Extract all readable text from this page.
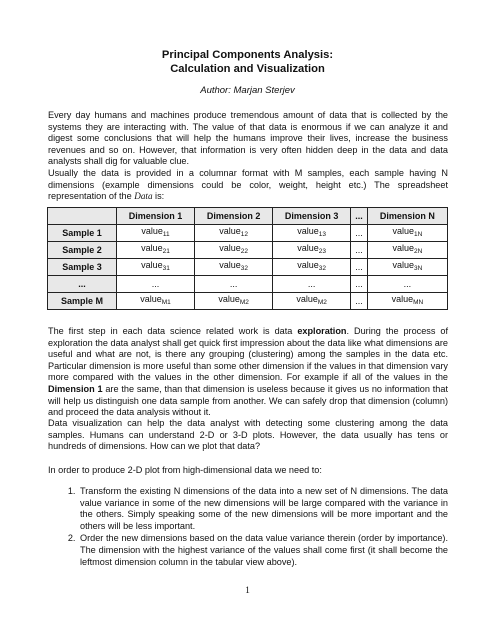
Principal Components Analysis:
Calculation and Visualization
Author: Marjan Sterjev
Every day humans and machines produce tremendous amount of data that is collected by the systems they are interacting with. The value of that data is enormous if we can analyze it and digest some conclusions that will help the humans improve their lives, increase the business revenues and so on. However, that information is very often hidden deep in the data and data analysts shall dig for valuable clue.
Usually the data is provided in a columnar format with M samples, each sample having N dimensions (example dimensions could be color, weight, height etc.) The spreadsheet representation of the Data is:
	Dimension 1	Dimension 2	Dimension 3	...	Dimension N
Sample 1	value$_{11}$	value$_{12}$	value$_{13}$	...	value$_{1N}$
Sample 2	value$_{21}$	value$_{22}$	value$_{23}$	...	value$_{2N}$
Sample 3	value$_{31}$	value$_{32}$	value$_{32}$	...	value$_{3N}$
...	...	...	...	...	...
Sample M	value$_{M1}$	value$_{M2}$	value$_{M2}$	...	value$_{MN}$
The first step in each data science related work is data exploration. During the process of exploration the data analyst shall get quick first impression about the data like what dimensions are useful and what are not, is there any grouping (clustering) among the samples in the data etc. Particular dimension is more useful than some other dimension if the values in that dimension vary more compared with the values in the other dimension. For example if all of the values in the Dimension 1 are the same, than that dimension is useless because it gives us no information that will help us distinguish one data sample from another. We can safely drop that dimension (column) and proceed the data analysis without it.
Data visualization can help the data analyst with detecting some clustering among the data samples. Humans can understand 2-D or 3-D plots. However, the data usually has tens or hundreds of dimensions. How can we plot that data?
In order to produce 2-D plot from high-dimensional data we need to:
1. Transform the existing N dimensions of the data into a new set of N dimensions. The data value variance in some of the new dimensions will be large compared with the variance in the others. Simply speaking some of the new dimensions will be more important and the others will be less important.
2. Order the new dimensions based on the data value variance therein (order by importance). The dimension with the highest variance of the values shall come first (it shall become the leftmost dimension column in the tabular view above).
1
